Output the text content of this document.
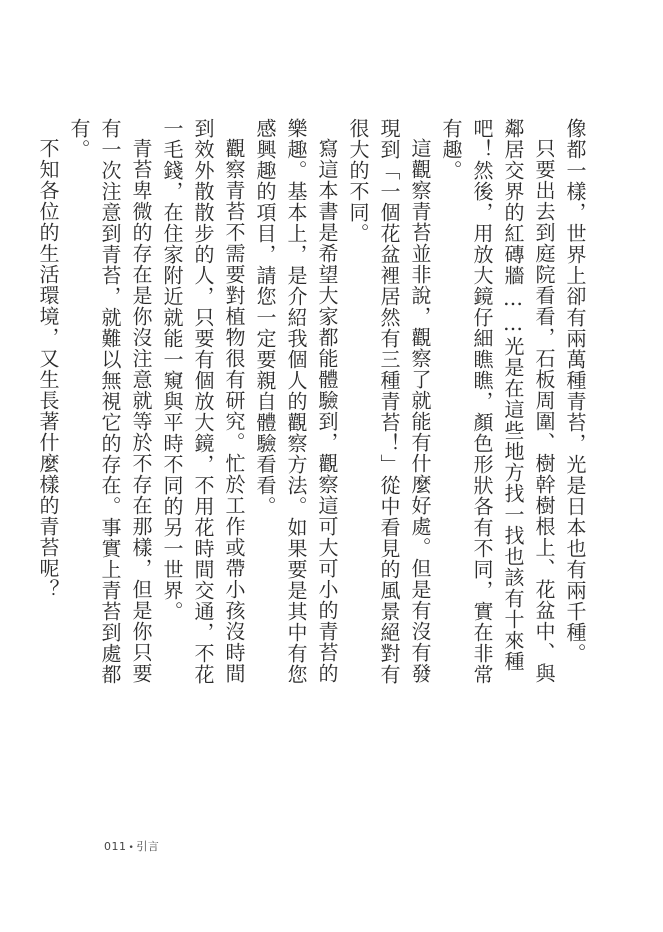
像都一樣，世界上卻有兩萬種青苔，光是日本也有兩千種。

只要出去到庭院看看，石板周圍、樹幹樹根上、花盆中、與鄰居交界的紅磚牆……光是在這些地方找一找也該有十來種吧！然後，用放大鏡仔細瞧瞧，顏色形狀各有不同，實在非常有趣。

這觀察青苔並非說，觀察了就能有什麼好處。但是有沒有發現到「一個花盆裡居然有三種青苔！」從中看見的風景絕對有很大的不同。

寫這本書是希望大家都能體驗到，觀察這可大可小的青苔的樂趣。基本上，是介紹我個人的觀察方法。如果要是其中有您感興趣的項目，請您一定要親自體驗看看。

觀察青苔不需要對植物很有研究。忙於工作或帶小孩沒時間到效外散散步的人，只要有個放大鏡，不用花時間交通，不花一毛錢，在住家附近就能一窺與平時不同的另一世界。

青苔卑微的存在是你沒注意就等於不存在那樣，但是你只要有一次注意到青苔，就難以無視它的存在。事實上青苔到處都有。

不知各位的生活環境，又生長著什麼樣的青苔呢？

011 • 引言
